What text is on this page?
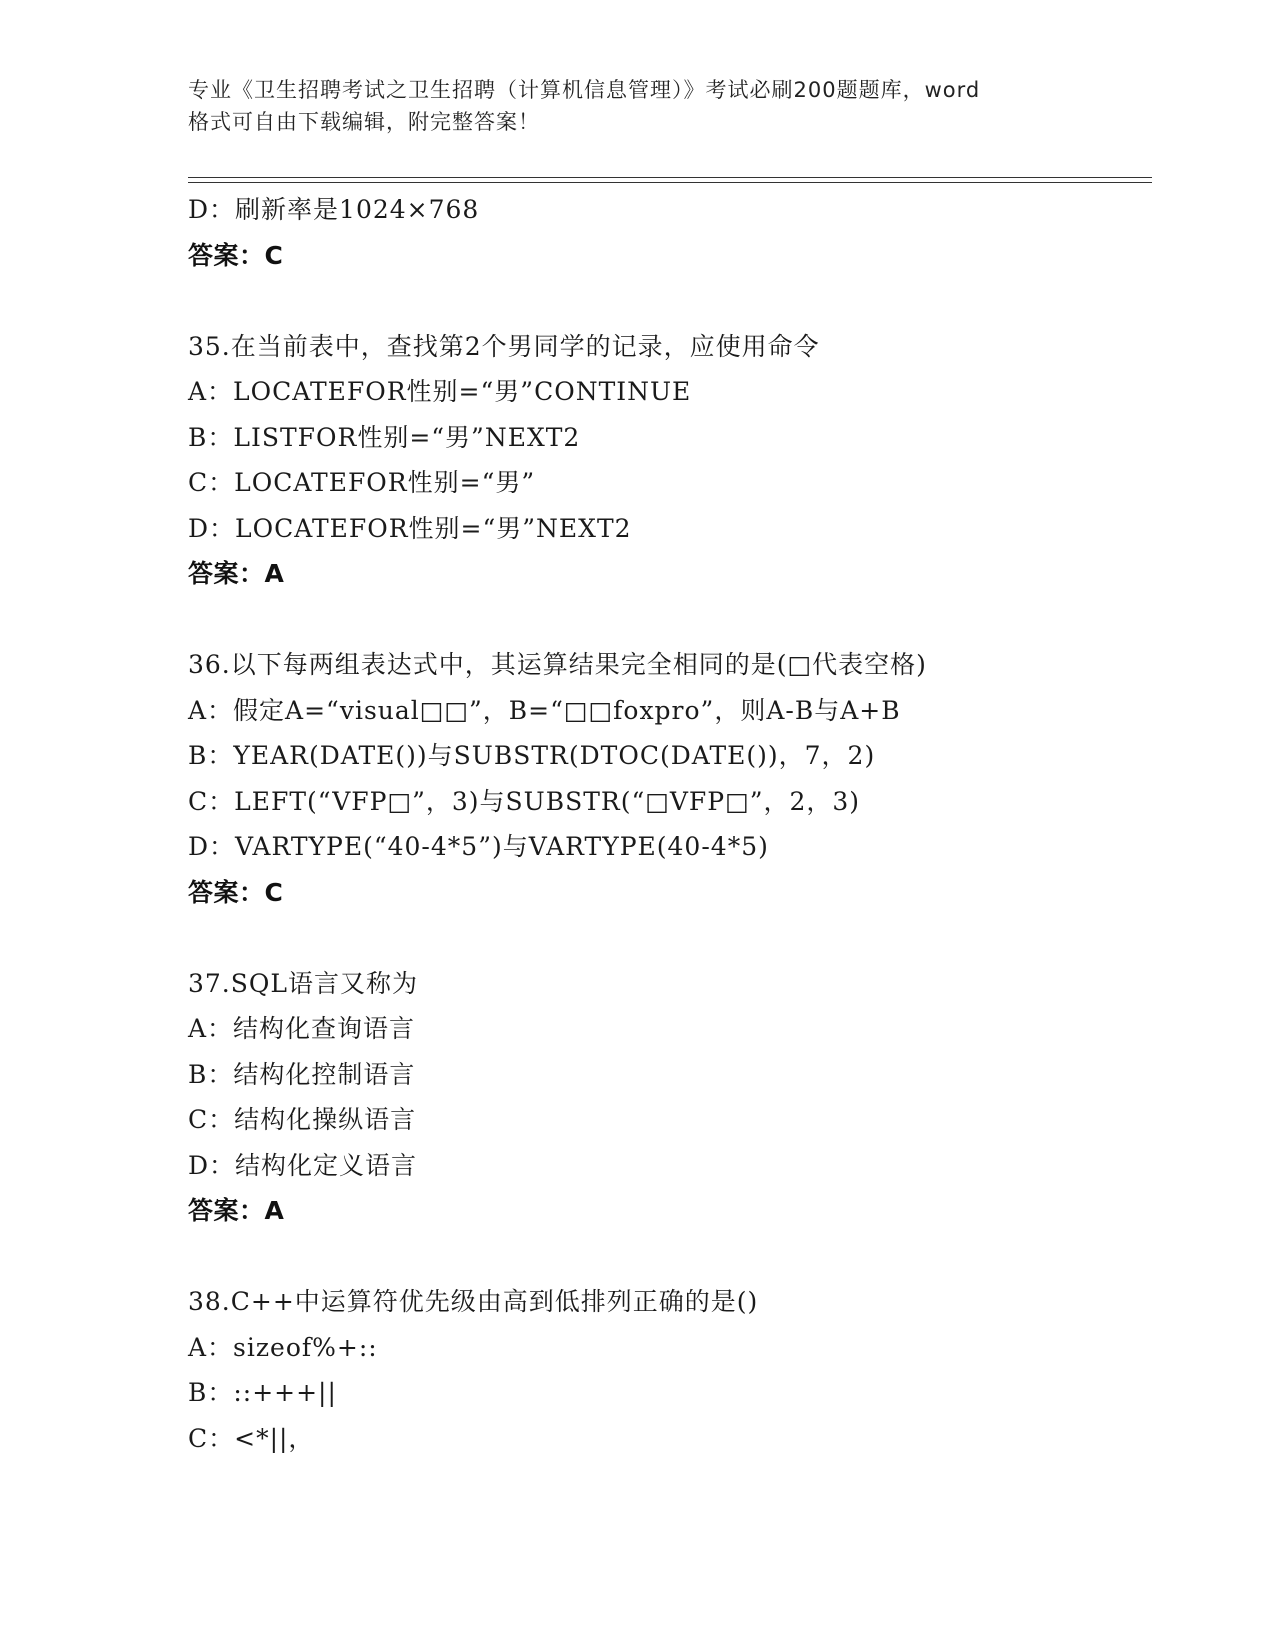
专业《卫生招聘考试之卫生招聘（计算机信息管理）》考试必刷200题题库，word
格式可自由下载编辑，附完整答案！
D：刷新率是1024×768
答案：C
35.在当前表中，查找第2个男同学的记录，应使用命令
A：LOCATEFOR性别=“男”CONTINUE
B：LISTFOR性别=“男”NEXT2
C：LOCATEFOR性别=“男”
D：LOCATEFOR性别=“男”NEXT2
答案：A
36.以下每两组表达式中，其运算结果完全相同的是(□代表空格)
A：假定A=“visual□□”，B=“□□foxpro”，则A-B与A+B
B：YEAR(DATE())与SUBSTR(DTOC(DATE())，7，2)
C：LEFT(“VFP□”，3)与SUBSTR(“□VFP□”，2，3)
D：VARTYPE(“40-4*5”)与VARTYPE(40-4*5)
答案：C
37.SQL语言又称为
A：结构化查询语言
B：结构化控制语言
C：结构化操纵语言
D：结构化定义语言
答案：A
38.C++中运算符优先级由高到低排列正确的是()
A：sizeof%+::
B：::+++||
C：<*||，
